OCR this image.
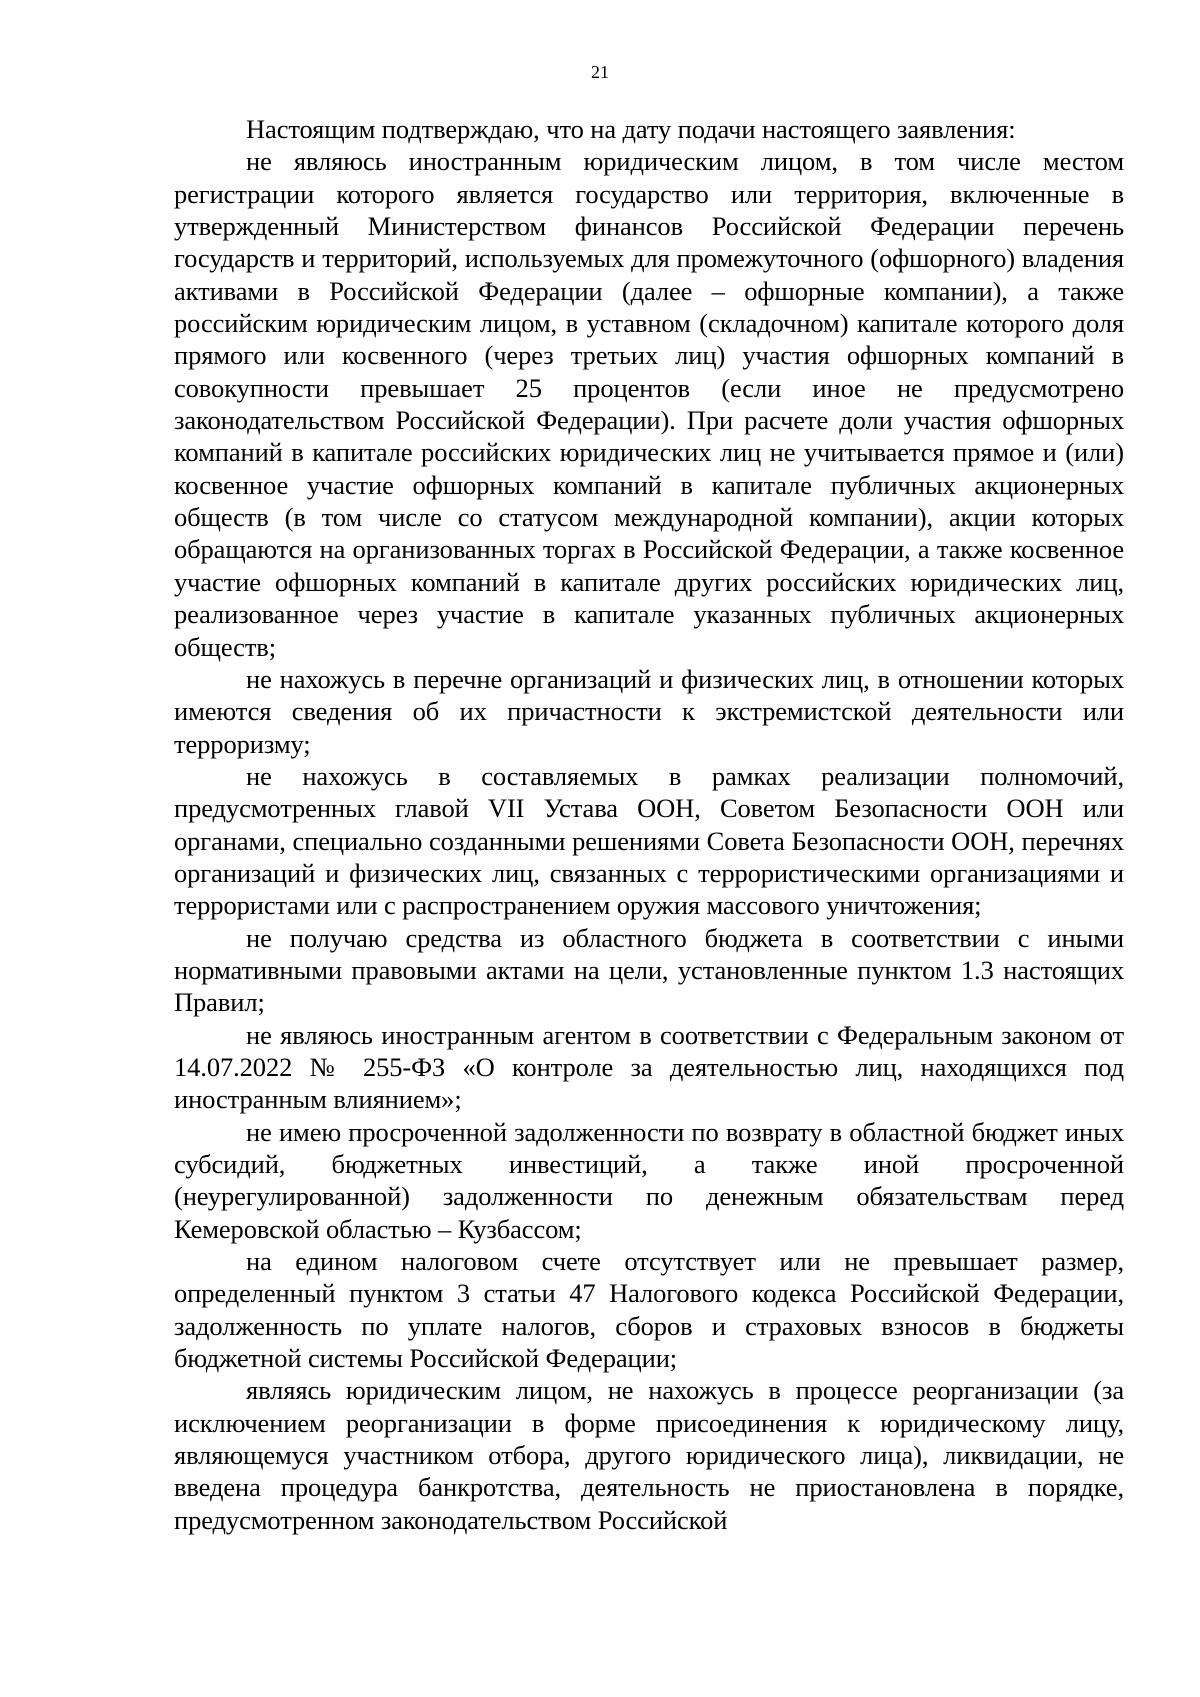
21

Настоящим подтверждаю, что на дату подачи настоящего заявления:

не являюсь иностранным юридическим лицом, в том числе местом регистрации которого является государство или территория, включенные в утвержденный Министерством финансов Российской Федерации перечень государств и территорий, используемых для промежуточного (офшорного) владения активами в Российской Федерации (далее – офшорные компании), а также российским юридическим лицом, в уставном (складочном) капитале которого доля прямого или косвенного (через третьих лиц) участия офшорных компаний в совокупности превышает 25 процентов (если иное не предусмотрено законодательством Российской Федерации). При расчете доли участия офшорных компаний в капитале российских юридических лиц не учитывается прямое и (или) косвенное участие офшорных компаний в капитале публичных акционерных обществ (в том числе со статусом международной компании), акции которых обращаются на организованных торгах в Российской Федерации, а также косвенное участие офшорных компаний в капитале других российских юридических лиц, реализованное через участие в капитале указанных публичных акционерных обществ;

не нахожусь в перечне организаций и физических лиц, в отношении которых имеются сведения об их причастности к экстремистской деятельности или терроризму;

не нахожусь в составляемых в рамках реализации полномочий, предусмотренных главой VII Устава ООН, Советом Безопасности ООН или органами, специально созданными решениями Совета Безопасности ООН, перечнях организаций и физических лиц, связанных с террористическими организациями и террористами или с распространением оружия массового уничтожения;

не получаю средства из областного бюджета в соответствии с иными нормативными правовыми актами на цели, установленные пунктом 1.3 настоящих Правил;

не являюсь иностранным агентом в соответствии с Федеральным законом от 14.07.2022 № 255-ФЗ «О контроле за деятельностью лиц, находящихся под иностранным влиянием»;

не имею просроченной задолженности по возврату в областной бюджет иных субсидий, бюджетных инвестиций, а также иной просроченной (неурегулированной) задолженности по денежным обязательствам перед Кемеровской областью – Кузбассом;

на едином налоговом счете отсутствует или не превышает размер, определенный пунктом 3 статьи 47 Налогового кодекса Российской Федерации, задолженность по уплате налогов, сборов и страховых взносов в бюджеты бюджетной системы Российской Федерации;

являясь юридическим лицом, не нахожусь в процессе реорганизации (за исключением реорганизации в форме присоединения к юридическому лицу, являющемуся участником отбора, другого юридического лица), ликвидации, не введена процедура банкротства, деятельность не приостановлена в порядке, предусмотренном законодательством Российской
